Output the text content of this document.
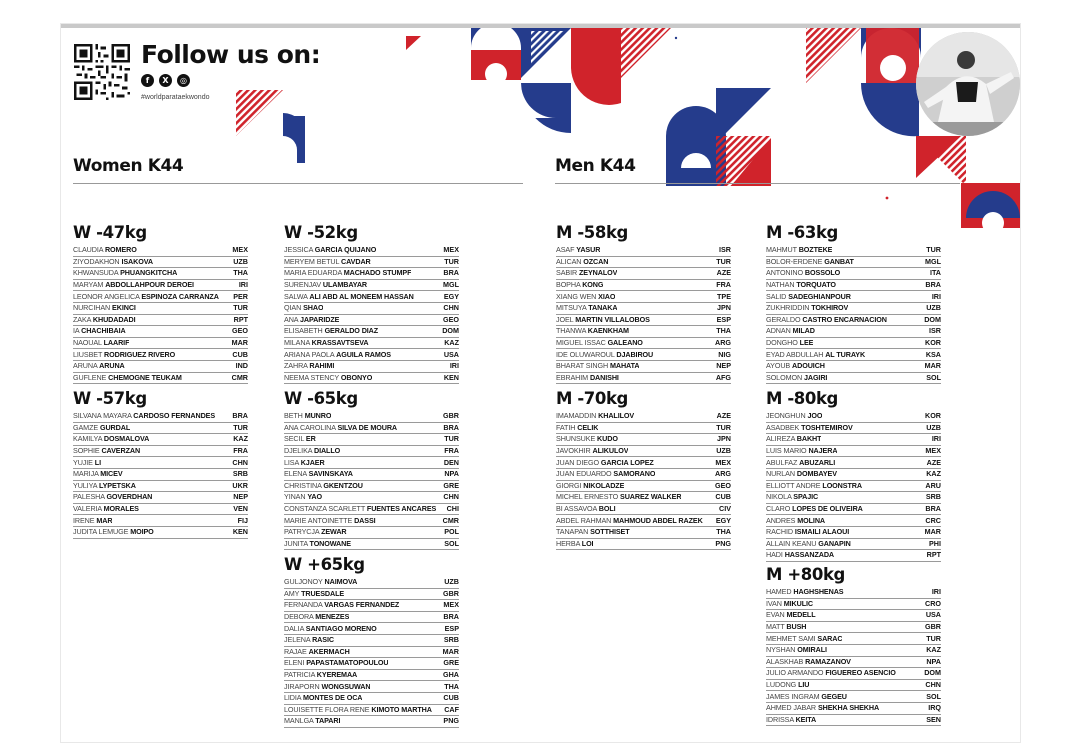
Follow us on:
f	X	◎
#worldparataekwondo
Women K44	Men K44
W -47kg
CLAUDIA ROMERO	MEX
ZIYODAKHON ISAKOVA	UZB
KHWANSUDA PHUANGKITCHA	THA
MARYAM ABDOLLAHPOUR DEROEI	IRI
LEONOR ANGELICA ESPINOZA CARRANZA PER
NURCIHAN EKINCI	TUR
ZAKA KHUDADADI	RPT
IA CHACHIBAIA	GEO
NAOUAL LAARIF	MAR
LIUSBET RODRIGUEZ RIVERO	CUB
ARUNA ARUNA	IND
GUFLENE CHEMOGNE TEUKAM	CMR
W -52kg
JESSICA GARCIA QUIJANO	MEX
MERYEM BETUL CAVDAR	TUR
MARIA EDUARDA MACHADO STUMPF	BRA
SURENJAV ULAMBAYAR	MGL
SALWA ALI ABD AL MONEEM HASSAN	EGY
QIAN SHAO	CHN
ANA JAPARIDZE	GEO
ELISABETH GERALDO DIAZ	DOM
MILANA KRASSAVTSEVA	KAZ
ARIANA PAOLA AGUILA RAMOS	USA
ZAHRA RAHIMI	IRI
NEEMA STENCY OBONYO	KEN
W -57kg
SILVANA MAYARA CARDOSO FERNANDES BRA
GAMZE GURDAL	TUR
KAMILYA DOSMALOVA	KAZ
SOPHIE CAVERZAN	FRA
YUJIE LI	CHN
MARIJA MICEV	SRB
YULIYA LYPETSKA	UKR
PALESHA GOVERDHAN	NEP
VALERIA MORALES	VEN
IRENE MAR	FIJ
JUDITA LEMUGE MOIPO	KEN
W -65kg
BETH MUNRO	GBR
ANA CAROLINA SILVA DE MOURA	BRA
SECIL ER	TUR
DJELIKA DIALLO	FRA
LISA KJAER	DEN
ELENA SAVINSKAYA	NPA
CHRISTINA GKENTZOU	GRE
YINAN YAO	CHN
CONSTANZA SCARLETT FUENTES ANCARES CHI
MARIE ANTOINETTE DASSI	CMR
PATRYCJA ZEWAR	POL
JUNITA TONOWANE	SOL
W +65kg
GULJONOY NAIMOVA	UZB
AMY TRUESDALE	GBR
FERNANDA VARGAS FERNANDEZ	MEX
DEBORA MENEZES	BRA
DALIA SANTIAGO MORENO	ESP
JELENA RASIC	SRB
RAJAE AKERMACH	MAR
ELENI PAPASTAMATOPOULOU	GRE
PATRICIA KYEREMAA	GHA
JIRAPORN WONGSUWAN	THA
LIDIA MONTES DE OCA	CUB
LOUISETTE FLORA RENE KIMOTO MARTHA CAF
MANLGA TAPARI	PNG
M -58kg
ASAF YASUR	ISR
ALICAN OZCAN	TUR
SABIR ZEYNALOV	AZE
BOPHA KONG	FRA
XIANG WEN XIAO	TPE
MITSUYA TANAKA	JPN
JOEL MARTIN VILLALOBOS	ESP
THANWA KAENKHAM	THA
MIGUEL ISSAC GALEANO	ARG
IDE OLUWAROUL DJABIROU	NIG
BHARAT SINGH MAHATA	NEP
EBRAHIM DANISHI	AFG
M -63kg
MAHMUT BOZTEKE	TUR
BOLOR-ERDENE GANBAT	MGL
ANTONINO BOSSOLO	ITA
NATHAN TORQUATO	BRA
SALID SADEGHIANPOUR	IRI
ZUKHRIDDIN TOKHIROV	UZB
GERALDO CASTRO ENCARNACION	DOM
ADNAN MILAD	ISR
DONGHO LEE	KOR
EYAD ABDULLAH AL TURAYK	KSA
AYOUB ADOUICH	MAR
SOLOMON JAGIRI	SOL
M -70kg
IMAMADDIN KHALILOV	AZE
FATIH CELIK	TUR
SHUNSUKE KUDO	JPN
JAVOKHIR ALIKULOV	UZB
JUAN DIEGO GARCIA LOPEZ	MEX
JUAN EDUARDO SAMORANO	ARG
GIORGI NIKOLADZE	GEO
MICHEL ERNESTO SUAREZ WALKER	CUB
BI ASSAVOA BOLI	CIV
ABDEL RAHMAN MAHMOUD ABDEL RAZEK EGY
TANAPAN SOTTHISET	THA
HERBA LOI	PNG
M -80kg
JEONGHUN JOO	KOR
ASADBEK TOSHTEMIROV	UZB
ALIREZA BAKHT	IRI
LUIS MARIO NAJERA	MEX
ABULFAZ ABUZARLI	AZE
NURLAN DOMBAYEV	KAZ
ELLIOTT ANDRE LOONSTRA	ARU
NIKOLA SPAJIC	SRB
CLARO LOPES DE OLIVEIRA	BRA
ANDRES MOLINA	CRC
RACHID ISMAILI ALAOUI	MAR
ALLAIN KEANU GANAPIN	PHI
HADI HASSANZADA	RPT
M +80kg
HAMED HAGHSHENAS	IRI
IVAN MIKULIC	CRO
EVAN MEDELL	USA
MATT BUSH	GBR
MEHMET SAMI SARAC	TUR
NYSHAN OMIRALI	KAZ
ALASKHAB RAMAZANOV	NPA
JULIO ARMANDO FIGUEREO ASENCIO	DOM
LUDONG LIU	CHN
JAMES INGRAM GEGEU	SOL
AHMED JABAR SHEKHA SHEKHA	IRQ
IDRISSA KEITA	SEN
